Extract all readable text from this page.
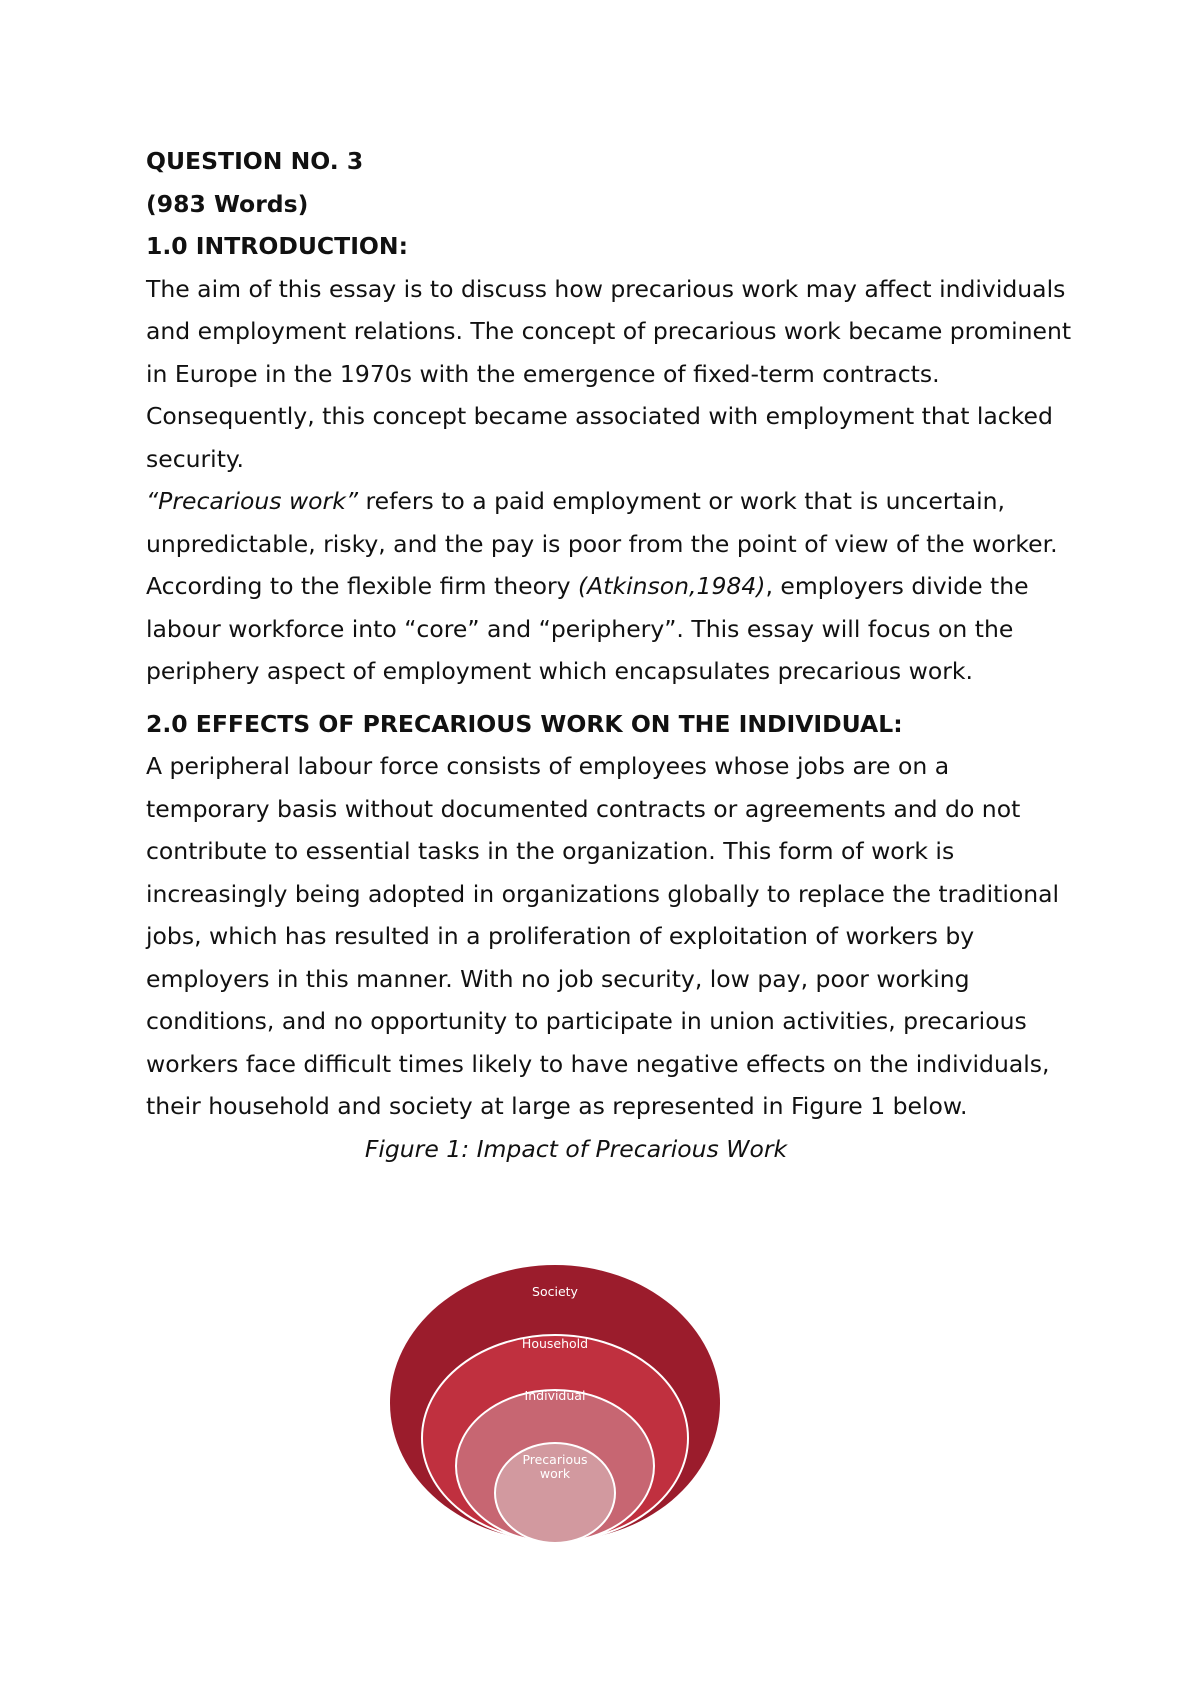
QUESTION NO. 3

(983 Words)

1.0 INTRODUCTION:

The aim of this essay is to discuss how precarious work may affect individuals and employment relations. The concept of precarious work became prominent in Europe in the 1970s with the emergence of fixed-term contracts. Consequently, this concept became associated with employment that lacked security.

“Precarious work” refers to a paid employment or work that is uncertain, unpredictable, risky, and the pay is poor from the point of view of the worker.

According to the flexible firm theory (Atkinson,1984), employers divide the labour workforce into “core” and “periphery”. This essay will focus on the periphery aspect of employment which encapsulates precarious work.

2.0 EFFECTS OF PRECARIOUS WORK ON THE INDIVIDUAL:

A peripheral labour force consists of employees whose jobs are on a temporary basis without documented contracts or agreements and do not contribute to essential tasks in the organization. This form of work is increasingly being adopted in organizations globally to replace the traditional jobs, which has resulted in a proliferation of exploitation of workers by employers in this manner. With no job security, low pay, poor working conditions, and no opportunity to participate in union activities, precarious workers face difficult times likely to have negative effects on the individuals, their household and society at large as represented in Figure 1 below.

Figure 1: Impact of Precarious Work

Society
Household
Individual
Precarious
work
